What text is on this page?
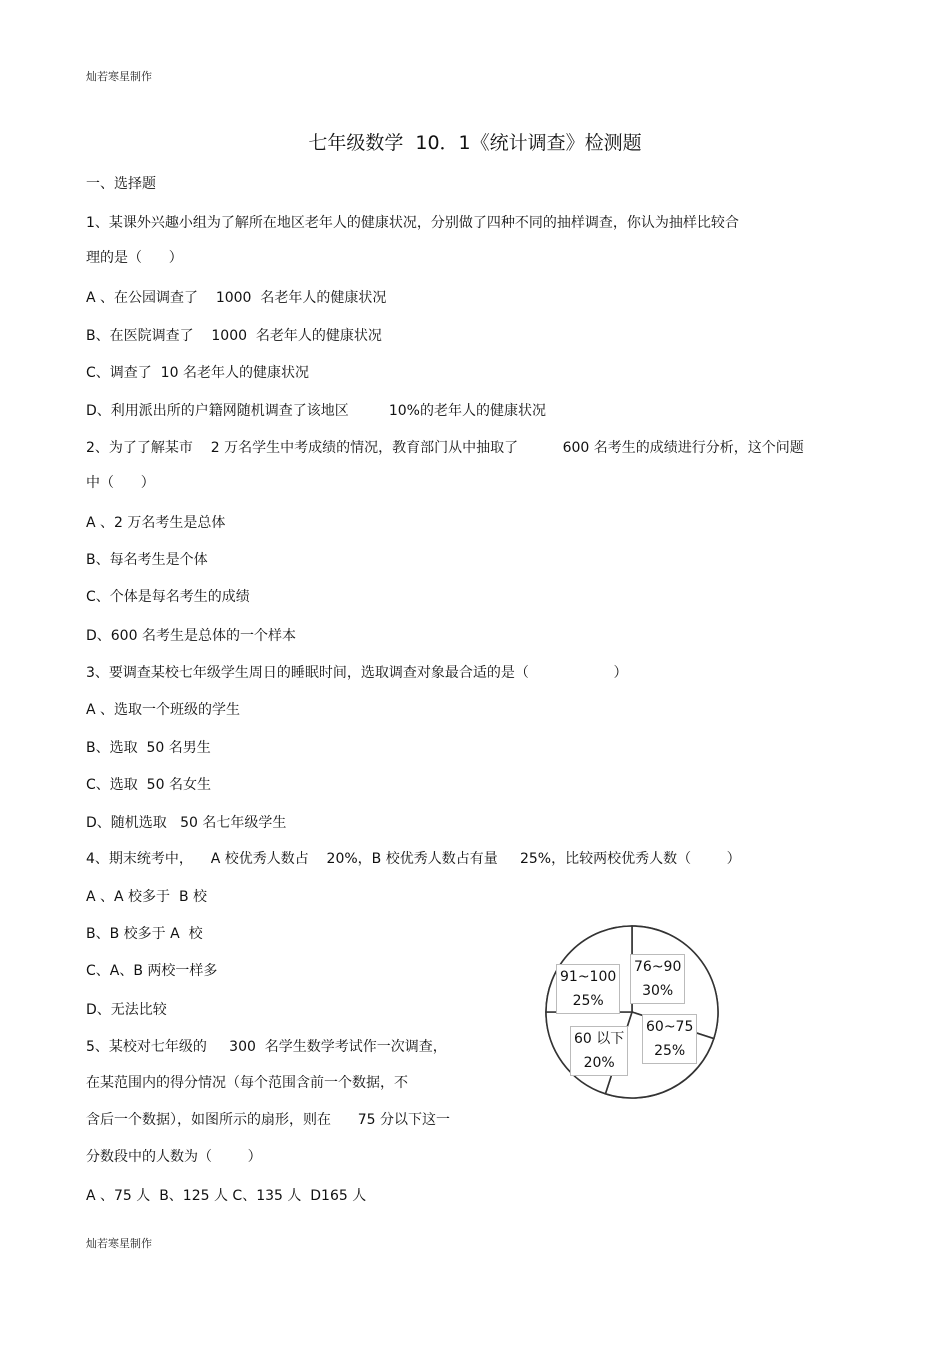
灿若寒星制作
七年级数学 10．1《统计调查》检测题
一、选择题
1、某课外兴趣小组为了解所在地区老年人的健康状况，分别做了四种不同的抽样调查，你认为抽样比较合
理的是（      ）
A 、在公园调查了    1000  名老年人的健康状况
B、在医院调查了    1000  名老年人的健康状况
C、调查了  10 名老年人的健康状况
D、利用派出所的户籍网随机调查了该地区         10%的老年人的健康状况
2、为了了解某市    2 万名学生中考成绩的情况，教育部门从中抽取了          600 名考生的成绩进行分析，这个问题
中（      ）
A 、2 万名考生是总体
B、每名考生是个体
C、个体是每名考生的成绩
D、600 名考生是总体的一个样本
3、要调查某校七年级学生周日的睡眠时间，选取调查对象最合适的是（                   ）
A 、选取一个班级的学生
B、选取  50 名男生
C、选取  50 名女生
D、随机选取   50 名七年级学生
4、期末统考中，    A 校优秀人数占    20%，B 校优秀人数占有量     25%，比较两校优秀人数（        ）
A 、A 校多于  B 校
B、B 校多于 A  校
C、A、B 两校一样多
D、无法比较
5、某校对七年级的     300  名学生数学考试作一次调查，
在某范围内的得分情况（每个范围含前一个数据，不
含后一个数据），如图所示的扇形，则在      75 分以下这一
分数段中的人数为（        ）
A 、75 人  B、125 人 C、135 人  D165 人
76~90
30%
60~75
25%
60 以下
20%
91~100
25%
灿若寒星制作
